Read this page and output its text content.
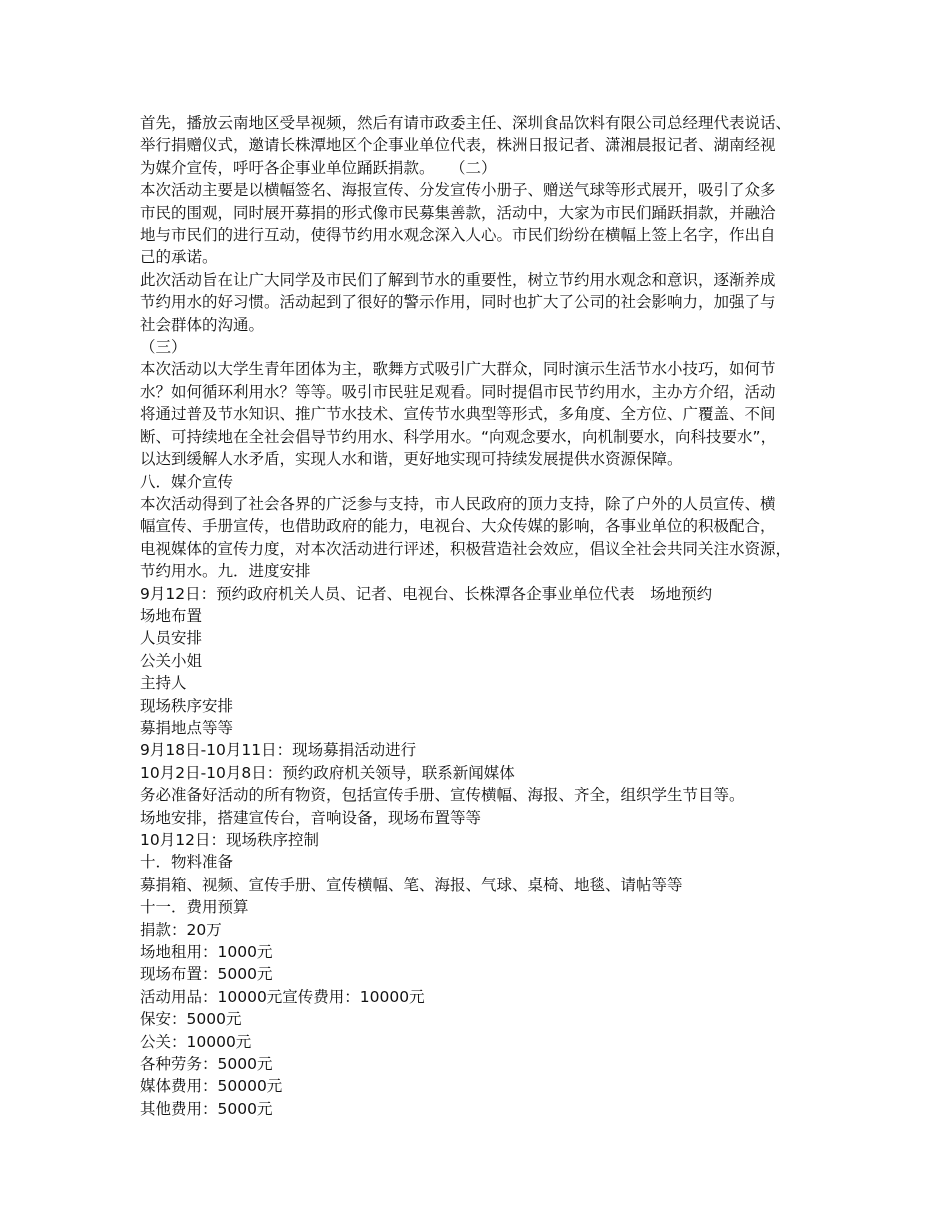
首先，播放云南地区受旱视频，然后有请市政委主任、深圳食品饮料有限公司总经理代表说话、
举行捐赠仪式，邀请长株潭地区个企事业单位代表，株洲日报记者、潇湘晨报记者、湖南经视
为媒介宣传，呼吁各企事业单位踊跃捐款。　　（二）
本次活动主要是以横幅签名、海报宣传、分发宣传小册子、赠送气球等形式展开，吸引了众多
市民的围观，同时展开募捐的形式像市民募集善款，活动中，大家为市民们踊跃捐款，并融洽
地与市民们的进行互动，使得节约用水观念深入人心。市民们纷纷在横幅上签上名字，作出自
己的承诺。
此次活动旨在让广大同学及市民们了解到节水的重要性，树立节约用水观念和意识，逐渐养成
节约用水的好习惯。活动起到了很好的警示作用，同时也扩大了公司的社会影响力，加强了与
社会群体的沟通。
（三）
本次活动以大学生青年团体为主，歌舞方式吸引广大群众，同时演示生活节水小技巧，如何节
水？如何循环利用水？等等。吸引市民驻足观看。同时提倡市民节约用水，主办方介绍，活动
将通过普及节水知识、推广节水技术、宣传节水典型等形式，多角度、全方位、广覆盖、不间
断、可持续地在全社会倡导节约用水、科学用水。“向观念要水，向机制要水，向科技要水”，
以达到缓解人水矛盾，实现人水和谐，更好地实现可持续发展提供水资源保障。
八．媒介宣传
本次活动得到了社会各界的广泛参与支持，市人民政府的顶力支持，除了户外的人员宣传、横
幅宣传、手册宣传，也借助政府的能力，电视台、大众传媒的影响，各事业单位的积极配合，
电视媒体的宣传力度，对本次活动进行评述，积极营造社会效应，倡议全社会共同关注水资源，
节约用水。九．进度安排
9月12日：预约政府机关人员、记者、电视台、长株潭各企事业单位代表　场地预约
场地布置
人员安排
公关小姐
主持人
现场秩序安排
募捐地点等等
9月18日-10月11日：现场募捐活动进行
10月2日-10月8日：预约政府机关领导，联系新闻媒体
务必准备好活动的所有物资，包括宣传手册、宣传横幅、海报、齐全，组织学生节目等。
场地安排，搭建宣传台，音响设备，现场布置等等
10月12日：现场秩序控制
十．物料准备
募捐箱、视频、宣传手册、宣传横幅、笔、海报、气球、桌椅、地毯、请帖等等
十一．费用预算
捐款：20万
场地租用：1000元
现场布置：5000元
活动用品：10000元宣传费用：10000元
保安：5000元
公关：10000元
各种劳务：5000元
媒体费用：50000元
其他费用：5000元
